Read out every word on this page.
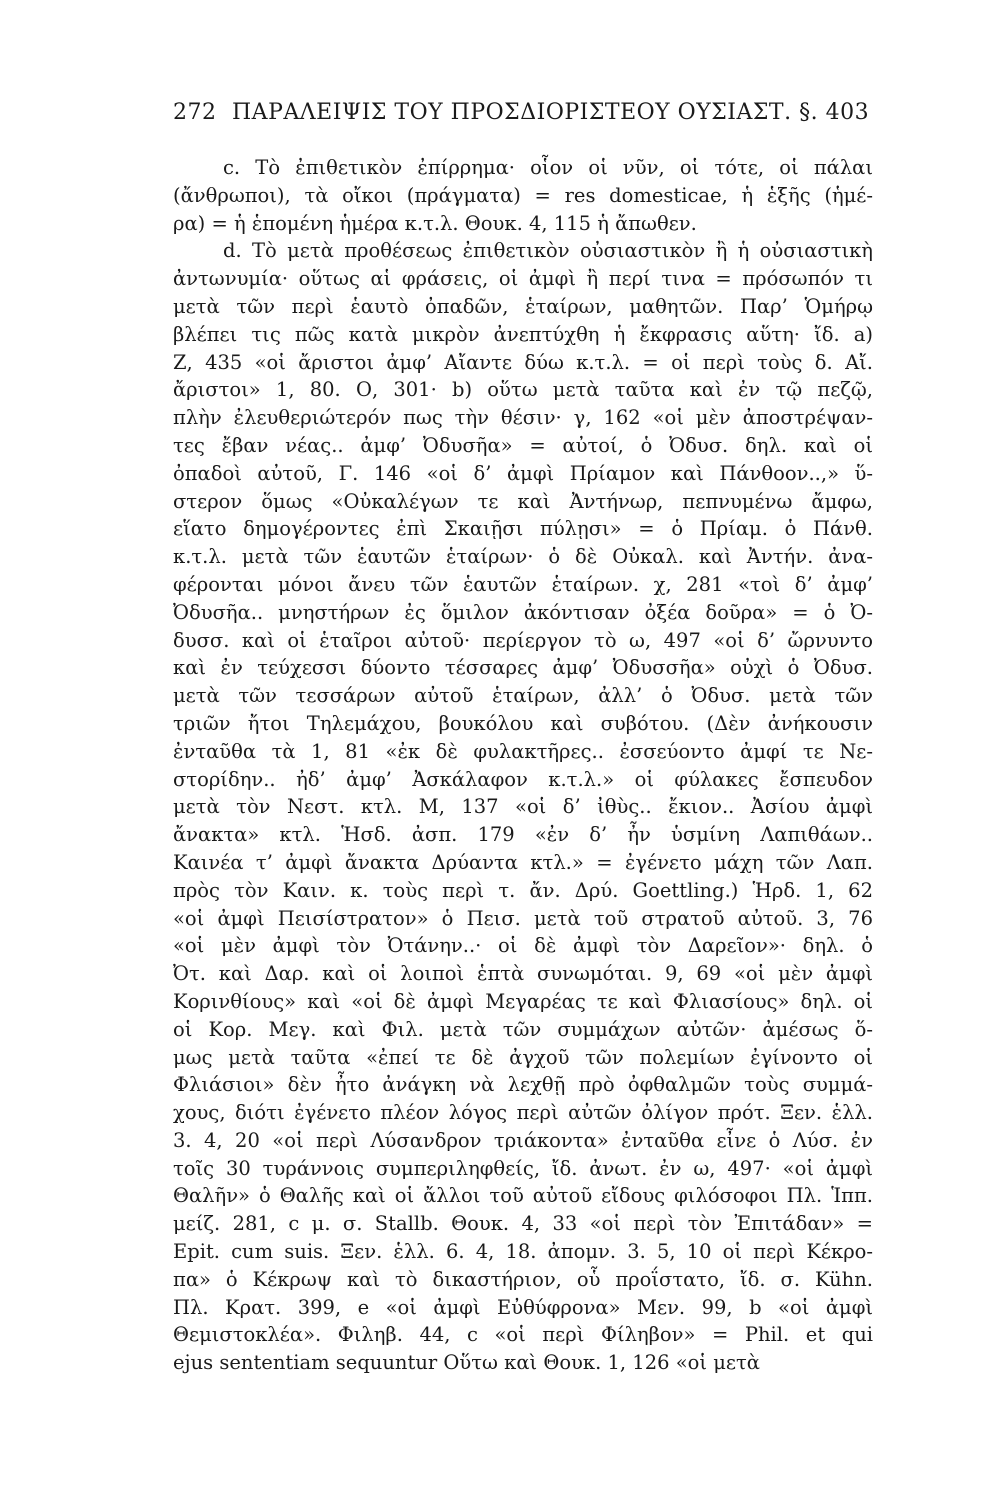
272 ΠΑΡΑΛΕΙΨΙΣ ΤΟΥ ΠΡΟΣΔΙΟΡΙΣΤΕΟΥ ΟΥΣΙΑΣΤ. §. 403
c. Τὸ ἐπιθετικὸν ἐπίρρημα· οἷον οἱ νῦν, οἱ τότε, οἱ πάλαι
(ἄνθρωποι), τὰ οἴκοι (πράγματα) = res domesticae, ἡ ἑξῆς (ἡμέ-
ρα) = ἡ ἑπομένη ἡμέρα κ.τ.λ. Θουκ. 4, 115 ἡ ἄπωθεν.
d. Τὸ μετὰ προθέσεως ἐπιθετικὸν οὐσιαστικὸν ἢ ἡ οὐσιαστικὴ
ἀντωνυμία· οὕτως αἱ φράσεις, οἱ ἀμφὶ ἢ περί τινα = πρόσωπόν τι
μετὰ τῶν περὶ ἑαυτὸ ὀπαδῶν, ἑταίρων, μαθητῶν. Παρ’ Ὁμήρῳ
βλέπει τις πῶς κατὰ μικρὸν ἀνεπτύχθη ἡ ἔκφρασις αὕτη· ἴδ. a)
Ζ, 435 «οἱ ἄριστοι ἀμφ’ Αἴαντε δύω κ.τ.λ. = οἱ περὶ τοὺς δ. Αἴ.
ἄριστοι» 1, 80. Ο, 301· b) οὕτω μετὰ ταῦτα καὶ ἐν τῷ πεζῷ,
πλὴν ἐλευθεριώτερόν πως τὴν θέσιν· γ, 162 «οἱ μὲν ἀποστρέψαν-
τες ἔβαν νέας.. ἀμφ’ Ὀδυσῆα» = αὐτοί, ὁ Ὀδυσ. δηλ. καὶ οἱ
ὀπαδοὶ αὐτοῦ, Γ. 146 «οἱ δ’ ἀμφὶ Πρίαμον καὶ Πάνθοον..,» ὕ-
στερον ὅμως «Οὐκαλέγων τε καὶ Ἀντήνωρ, πεπνυμένω ἄμφω,
εἵατο δημογέροντες ἐπὶ Σκαιῇσι πύλῃσι» = ὁ Πρίαμ. ὁ Πάνθ.
κ.τ.λ. μετὰ τῶν ἑαυτῶν ἑταίρων· ὁ δὲ Οὐκαλ. καὶ Ἀντήν. ἀνα-
φέρονται μόνοι ἄνευ τῶν ἑαυτῶν ἑταίρων. χ, 281 «τοὶ δ’ ἀμφ’
Ὀδυσῆα.. μνηστήρων ἐς ὅμιλον ἀκόντισαν ὀξέα δοῦρα» = ὁ Ὀ-
δυσσ. καὶ οἱ ἑταῖροι αὐτοῦ· περίεργον τὸ ω, 497 «οἱ δ’ ὤρνυντο
καὶ ἐν τεύχεσσι δύοντο τέσσαρες ἀμφ’ Ὀδυσσῆα» οὐχὶ ὁ Ὀδυσ.
μετὰ τῶν τεσσάρων αὐτοῦ ἑταίρων, ἀλλ’ ὁ Ὀδυσ. μετὰ τῶν
τριῶν ἤτοι Τηλεμάχου, βουκόλου καὶ συβότου. (Δὲν ἀνήκουσιν
ἐνταῦθα τὰ 1, 81 «ἐκ δὲ φυλακτῆρες.. ἐσσεύοντο ἀμφί τε Νε-
στορίδην.. ἠδ’ ἀμφ’ Ἀσκάλαφον κ.τ.λ.» οἱ φύλακες ἔσπευδον
μετὰ τὸν Νεστ. κτλ. Μ, 137 «οἱ δ’ ἰθὺς.. ἔκιον.. Ἀσίου ἀμφὶ
ἄνακτα» κτλ. Ἡσδ. ἀσπ. 179 «ἐν δ’ ἦν ὑσμίνη Λαπιθάων..
Καινέα τ’ ἀμφὶ ἄνακτα Δρύαντα κτλ.» = ἐγένετο μάχη τῶν Λαπ.
πρὸς τὸν Καιν. κ. τοὺς περὶ τ. ἄν. Δρύ. Goettling.) Ἡρδ. 1, 62
«οἱ ἀμφὶ Πεισίστρατον» ὁ Πεισ. μετὰ τοῦ στρατοῦ αὐτοῦ. 3, 76
«οἱ μὲν ἀμφὶ τὸν Ὀτάνην..· οἱ δὲ ἀμφὶ τὸν Δαρεῖον»· δηλ. ὁ
Ὀτ. καὶ Δαρ. καὶ οἱ λοιποὶ ἑπτὰ συνωμόται. 9, 69 «οἱ μὲν ἀμφὶ
Κορινθίους» καὶ «οἱ δὲ ἀμφὶ Μεγαρέας τε καὶ Φλιασίους» δηλ. οἱ
οἱ Κορ. Μεγ. καὶ Φιλ. μετὰ τῶν συμμάχων αὐτῶν· ἀμέσως ὅ-
μως μετὰ ταῦτα «ἐπεί τε δὲ ἀγχοῦ τῶν πολεμίων ἐγίνοντο οἱ
Φλιάσιοι» δὲν ἦτο ἀνάγκη νὰ λεχθῇ πρὸ ὀφθαλμῶν τοὺς συμμά-
χους, διότι ἐγένετο πλέον λόγος περὶ αὐτῶν ὀλίγον πρότ. Ξεν. ἑλλ.
3. 4, 20 «οἱ περὶ Λύσανδρον τριάκοντα» ἐνταῦθα εἶνε ὁ Λύσ. ἐν
τοῖς 30 τυράννοις συμπεριληφθείς, ἴδ. ἀνωτ. ἐν ω, 497· «οἱ ἀμφὶ
Θαλῆν» ὁ Θαλῆς καὶ οἱ ἄλλοι τοῦ αὐτοῦ εἴδους φιλόσοφοι Πλ. Ἱππ.
μείζ. 281, c μ. σ. Stallb. Θουκ. 4, 33 «οἱ περὶ τὸν Ἐπιτάδαν» =
Epit. cum suis. Ξεν. ἑλλ. 6. 4, 18. ἀπομν. 3. 5, 10 οἱ περὶ Κέκρο-
πα» ὁ Κέκρωψ καὶ τὸ δικαστήριον, οὗ προΐστατο, ἴδ. σ. Kühn.
Πλ. Κρατ. 399, e «οἱ ἀμφὶ Εὐθύφρονα» Μεν. 99, b «οἱ ἀμφὶ
Θεμιστοκλέα». Φιληβ. 44, c «οἱ περὶ Φίληβον» = Phil. et qui
ejus sententiam sequuntur Οὕτω καὶ Θουκ. 1, 126 «οἱ μετὰ
